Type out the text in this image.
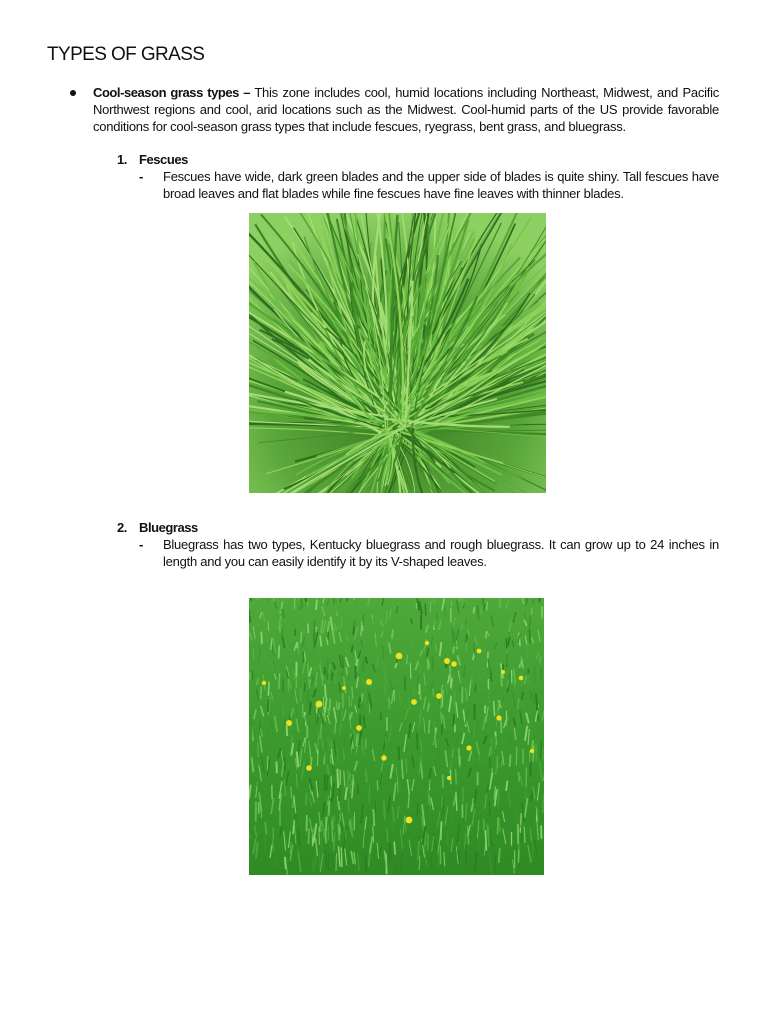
TYPES OF GRASS
Cool-season grass types – This zone includes cool, humid locations including Northeast, Midwest, and Pacific Northwest regions and cool, arid locations such as the Midwest. Cool-humid parts of the US provide favorable conditions for cool-season grass types that include fescues, ryegrass, bent grass, and bluegrass.
1. Fescues
- Fescues have wide, dark green blades and the upper side of blades is quite shiny. Tall fescues have broad leaves and flat blades while fine fescues have fine leaves with thinner blades.
2. Bluegrass
- Bluegrass has two types, Kentucky bluegrass and rough bluegrass. It can grow up to 24 inches in length and you can easily identify it by its V-shaped leaves.
